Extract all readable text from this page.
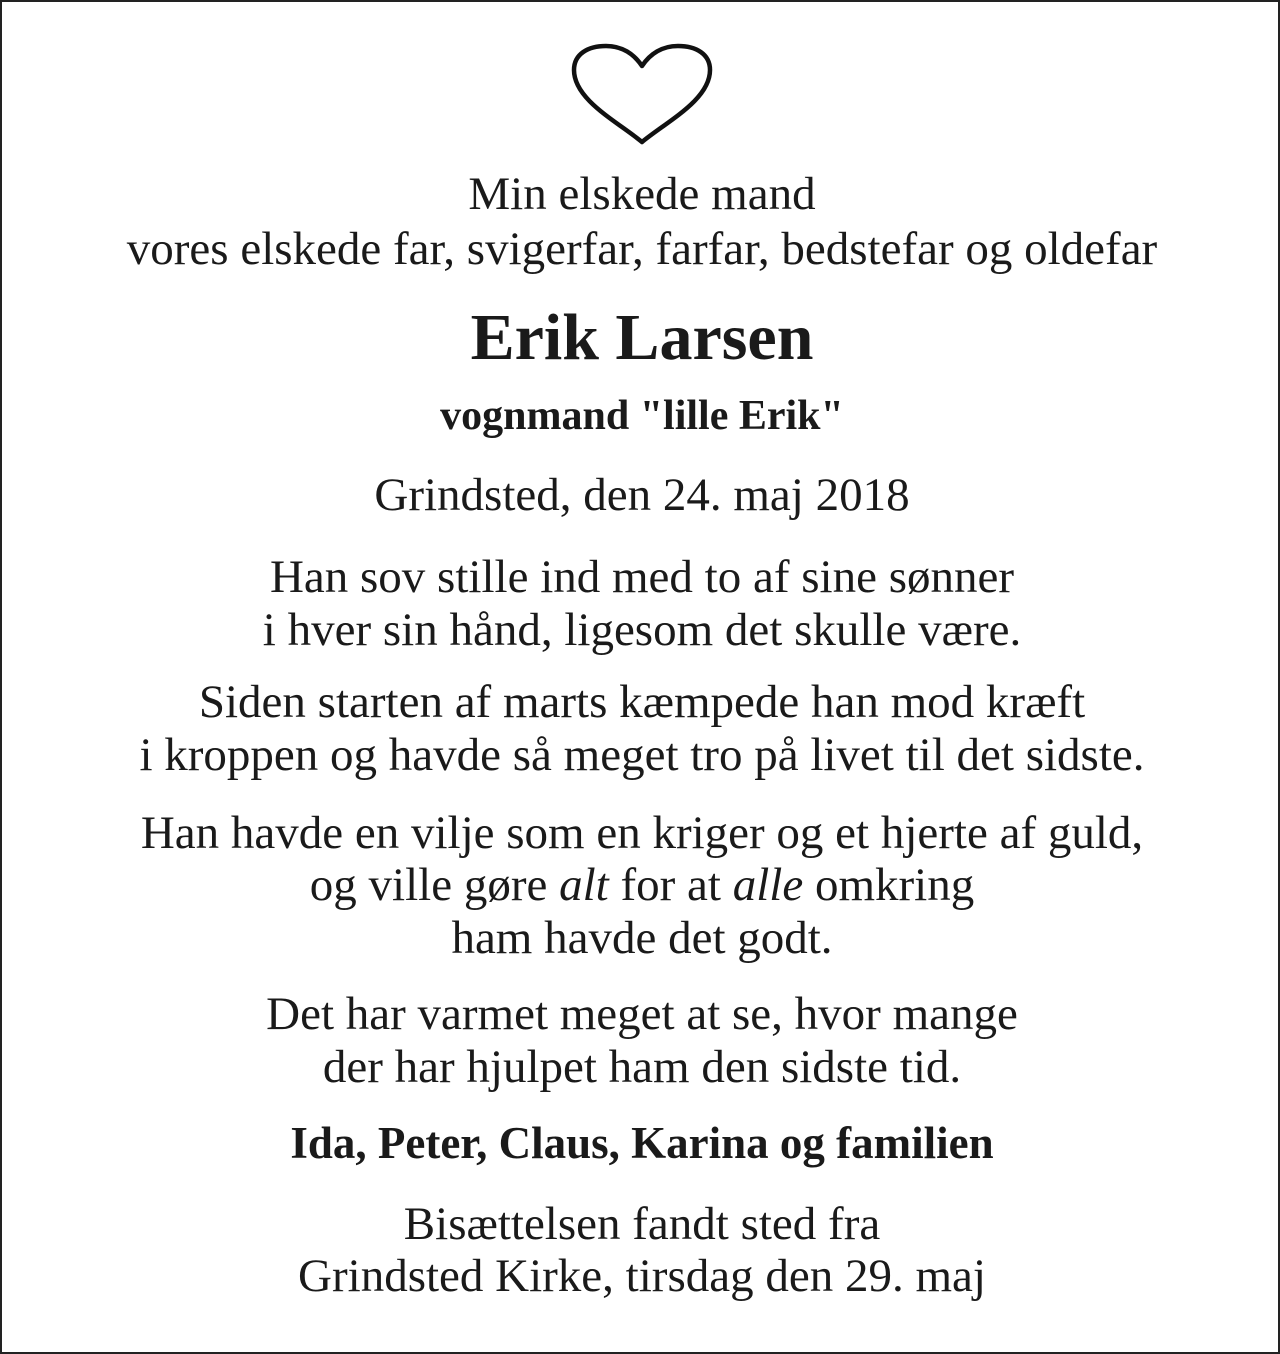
Min elskede mand
vores elskede far, svigerfar, farfar, bedstefar og oldefar
Erik Larsen
vognmand "lille Erik"
Grindsted, den 24. maj 2018
Han sov stille ind med to af sine sønner
i hver sin hånd, ligesom det skulle være.
Siden starten af marts kæmpede han mod kræft
i kroppen og havde så meget tro på livet til det sidste.
Han havde en vilje som en kriger og et hjerte af guld,
og ville gøre alt for at alle omkring
ham havde det godt.
Det har varmet meget at se, hvor mange
der har hjulpet ham den sidste tid.
Ida, Peter, Claus, Karina og familien
Bisættelsen fandt sted fra
Grindsted Kirke, tirsdag den 29. maj
